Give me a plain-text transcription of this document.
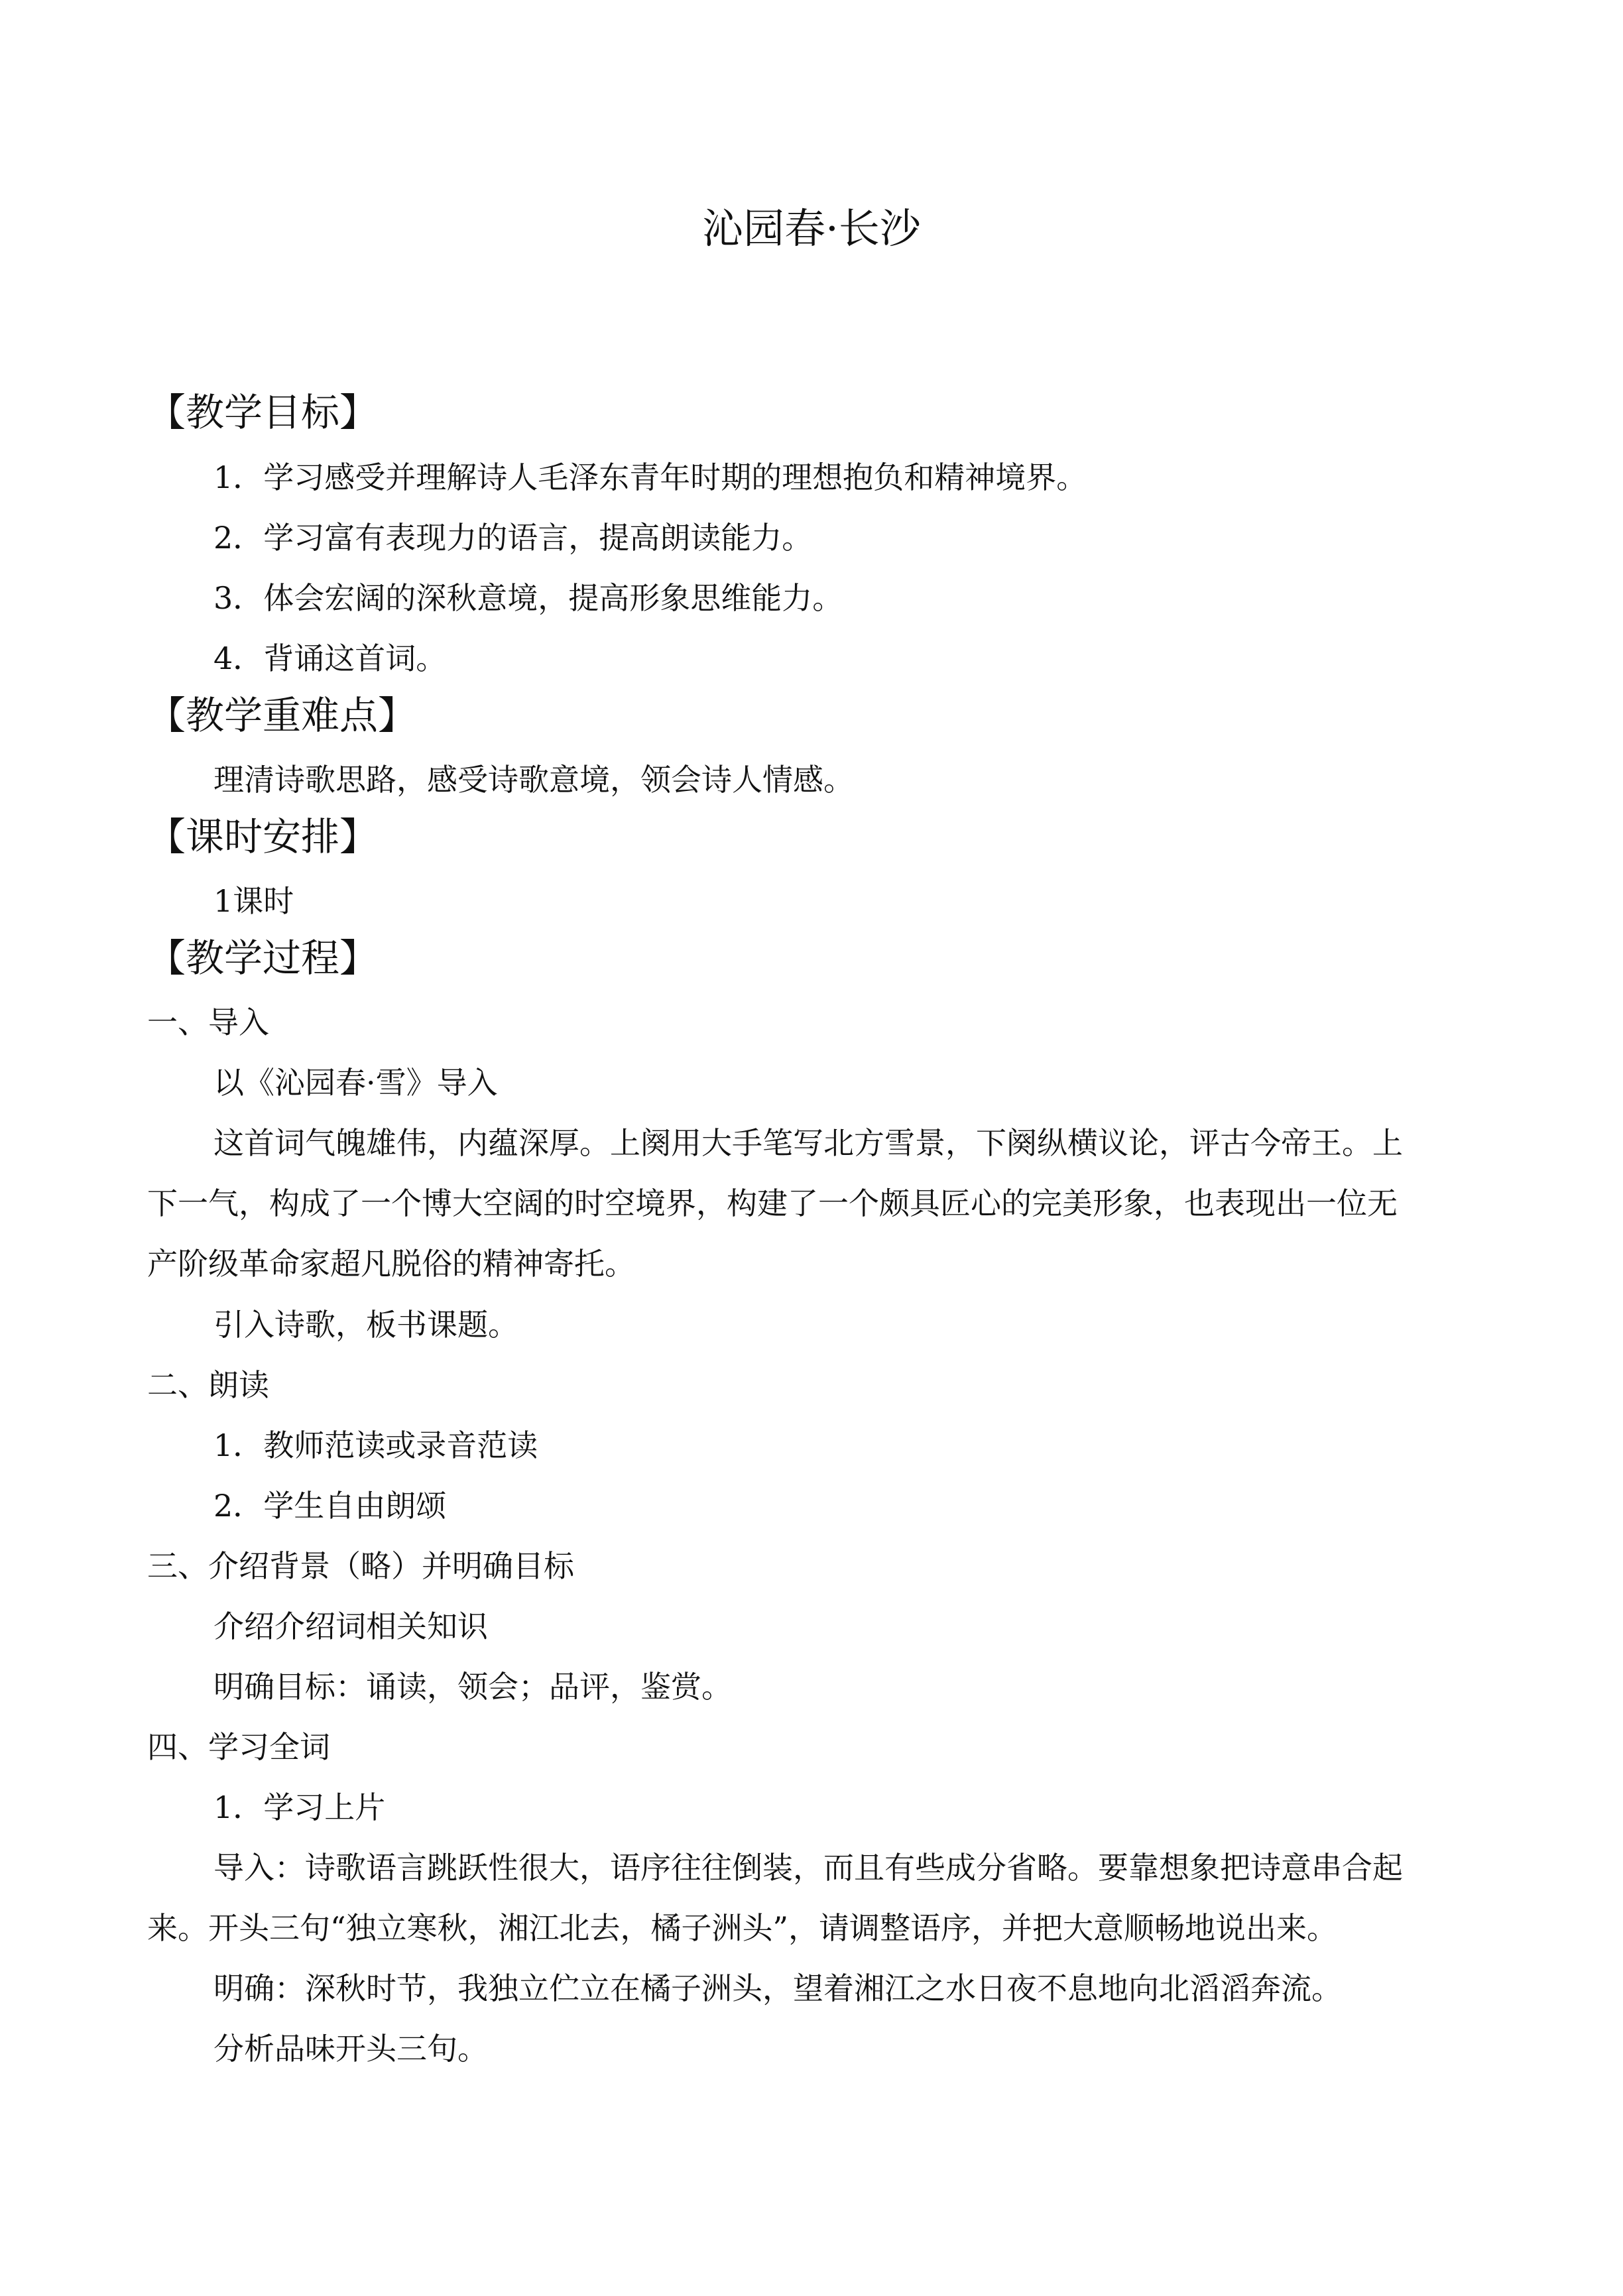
沁园春·长沙
【教学目标】
1．学习感受并理解诗人毛泽东青年时期的理想抱负和精神境界。
2．学习富有表现力的语言，提高朗读能力。
3．体会宏阔的深秋意境，提高形象思维能力。
4．背诵这首词。
【教学重难点】
理清诗歌思路，感受诗歌意境，领会诗人情感。
【课时安排】
1课时
【教学过程】
一、导入
以《沁园春·雪》导入
这首词气魄雄伟，内蕴深厚。上阕用大手笔写北方雪景，下阕纵横议论，评古今帝王。上
下一气，构成了一个博大空阔的时空境界，构建了一个颇具匠心的完美形象，也表现出一位无
产阶级革命家超凡脱俗的精神寄托。
引入诗歌，板书课题。
二、朗读
1．教师范读或录音范读
2．学生自由朗颂
三、介绍背景（略）并明确目标
介绍介绍词相关知识
明确目标：诵读，领会；品评，鉴赏。
四、学习全词
1．学习上片
导入：诗歌语言跳跃性很大，语序往往倒装，而且有些成分省略。要靠想象把诗意串合起
来。开头三句“独立寒秋，湘江北去，橘子洲头”，请调整语序，并把大意顺畅地说出来。
明确：深秋时节，我独立伫立在橘子洲头，望着湘江之水日夜不息地向北滔滔奔流。
分析品味开头三句。
